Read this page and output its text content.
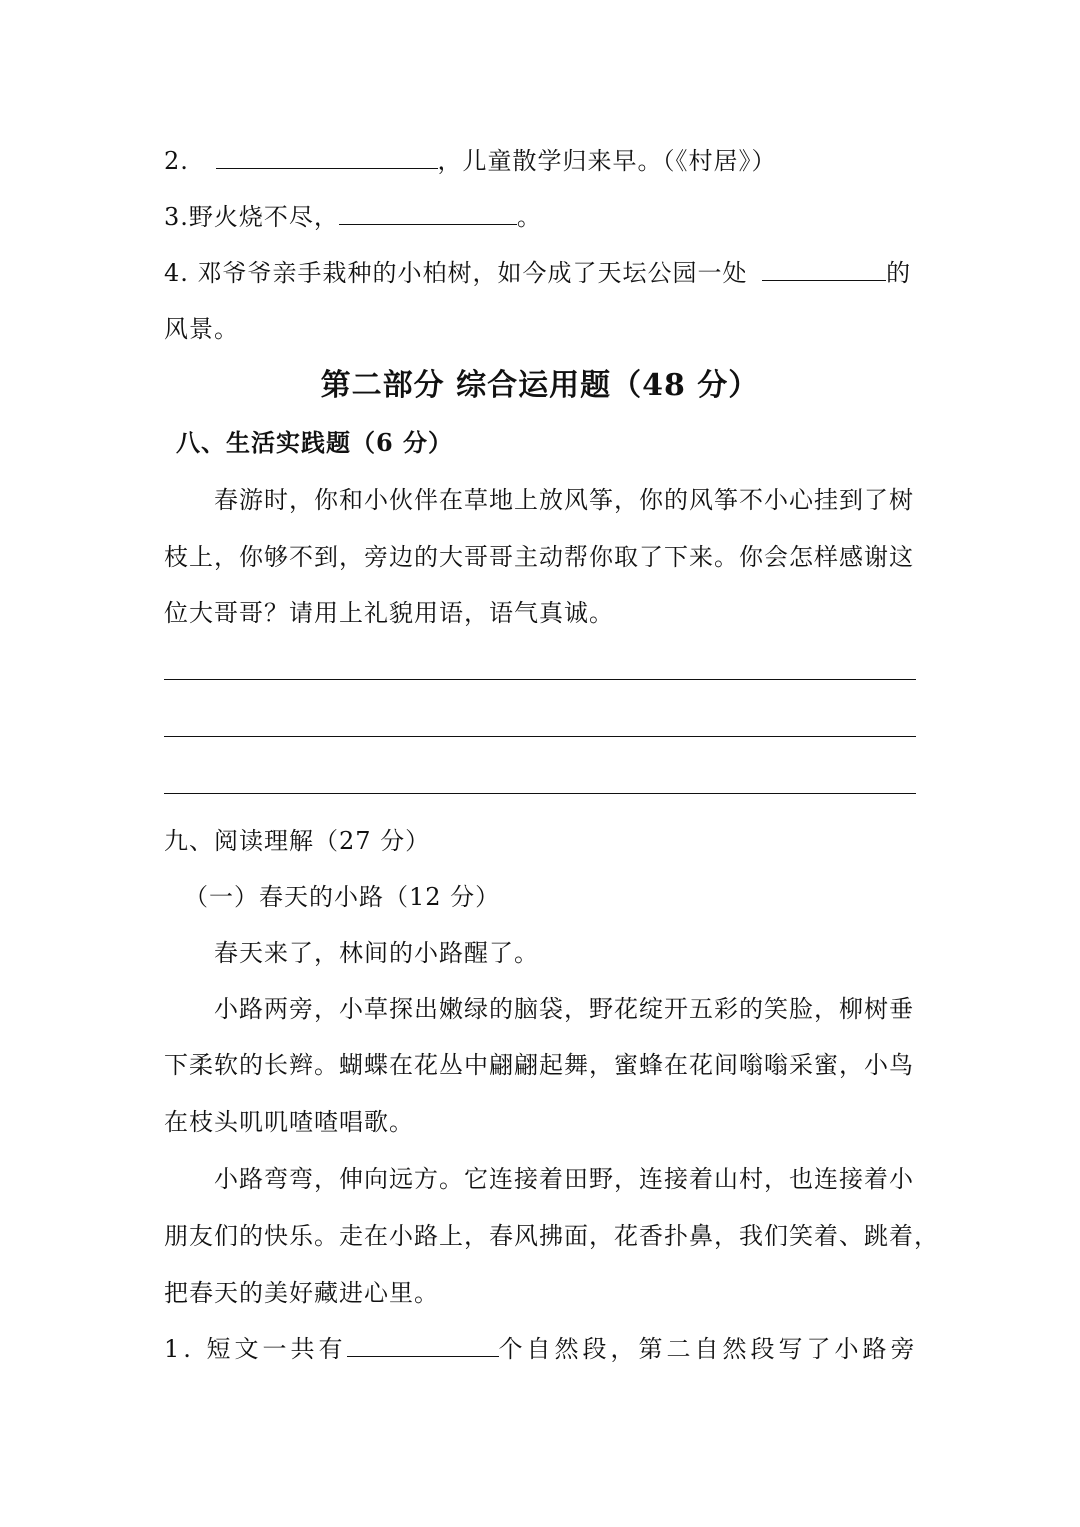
2.	，儿童散学归来早。（《村居》）
3.野火烧不尽，	。
4. 邓爷爷亲手栽种的小柏树，如今成了天坛公园一处	的
风景。
第二部分 综合运用题（48 分）
八、生活实践题（6 分）
春游时，你和小伙伴在草地上放风筝，你的风筝不小心挂到了树
枝上，你够不到，旁边的大哥哥主动帮你取了下来。你会怎样感谢这
位大哥哥？请用上礼貌用语，语气真诚。
九、阅读理解（27 分）
（一）春天的小路（12 分）
春天来了，林间的小路醒了。
小路两旁，小草探出嫩绿的脑袋，野花绽开五彩的笑脸，柳树垂
下柔软的长辫。蝴蝶在花丛中翩翩起舞，蜜蜂在花间嗡嗡采蜜，小鸟
在枝头叽叽喳喳唱歌。
小路弯弯，伸向远方。它连接着田野，连接着山村，也连接着小
朋友们的快乐。走在小路上，春风拂面，花香扑鼻，我们笑着、跳着，
把春天的美好藏进心里。
1. 短文一共有	个自然段，第二自然段写了小路旁
